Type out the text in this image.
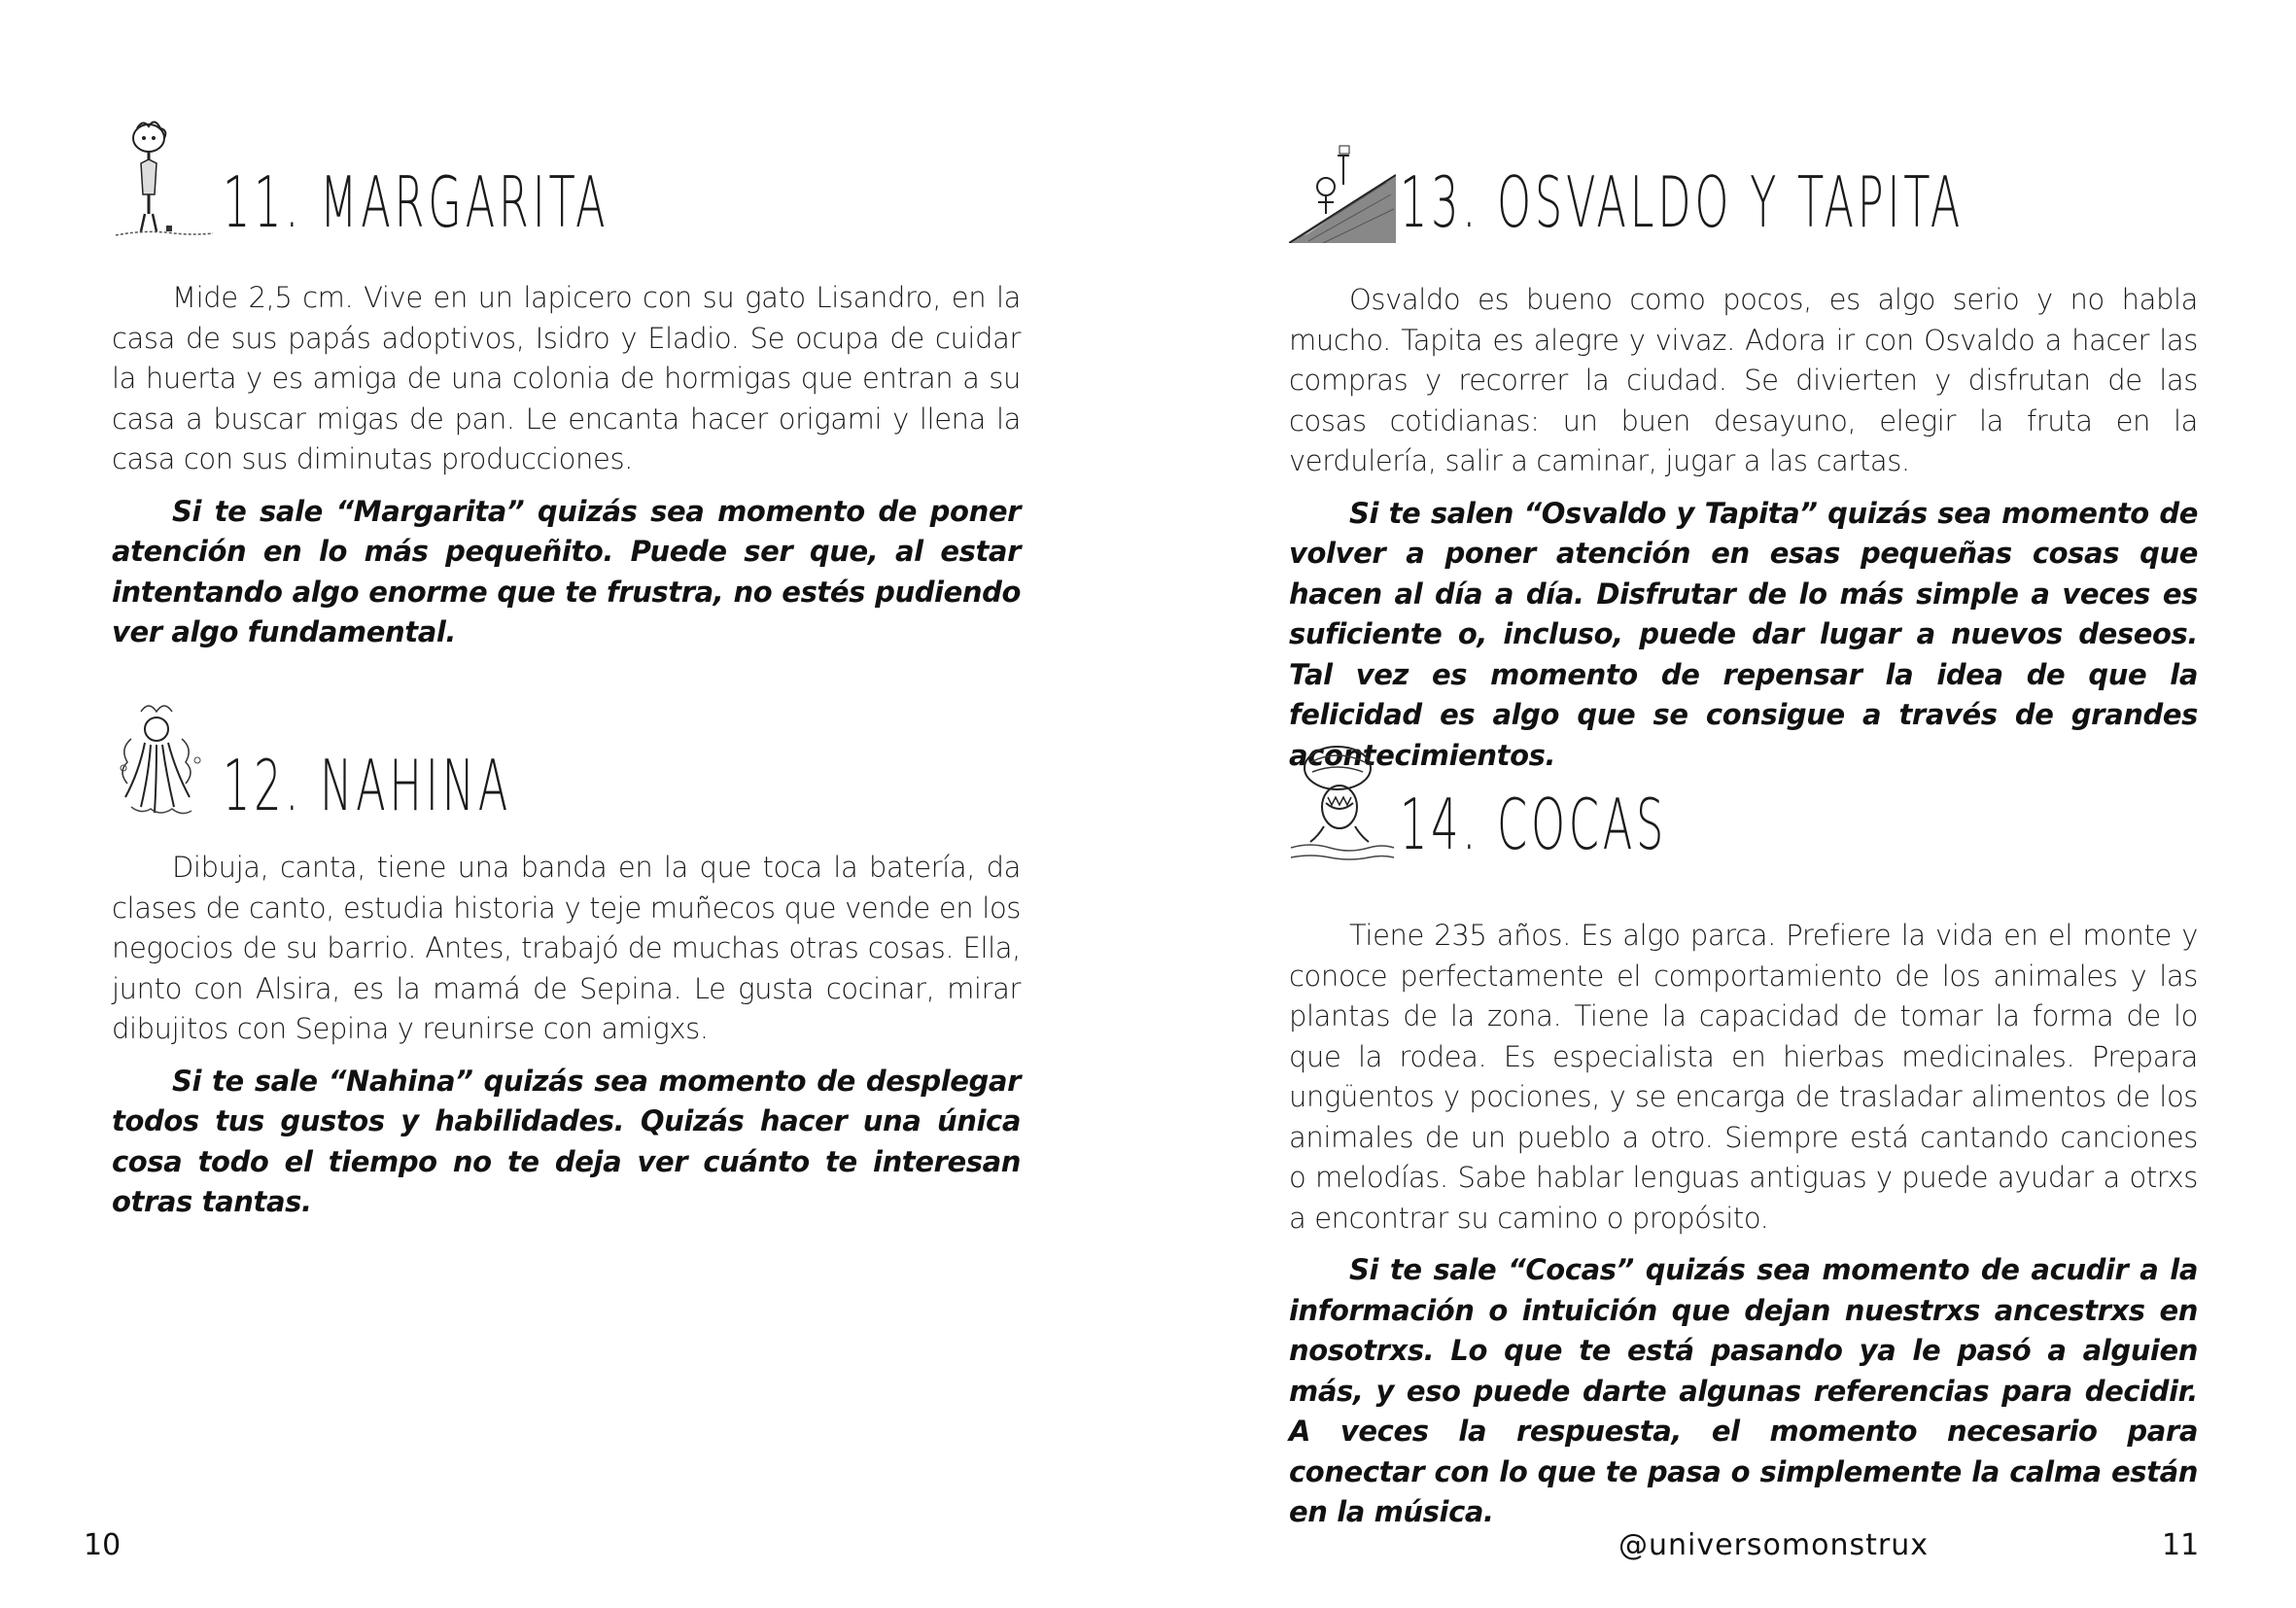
11. MARGARITA

Mide 2,5 cm. Vive en un lapicero con su gato Lisandro, en la casa de sus papás adoptivos, Isidro y Eladio. Se ocupa de cuidar la huerta y es amiga de una colonia de hormigas que entran a su casa a buscar migas de pan. Le encanta hacer origami y llena la casa con sus diminutas producciones.

Si te sale “Margarita” quizás sea momento de poner atención en lo más pequeñito. Puede ser que, al estar intentando algo enorme que te frustra, no estés pudiendo ver algo fundamental.

12. NAHINA

Dibuja, canta, tiene una banda en la que toca la batería, da clases de canto, estudia historia y teje muñecos que vende en los negocios de su barrio. Antes, trabajó de muchas otras cosas. Ella, junto con Alsira, es la mamá de Sepina. Le gusta cocinar, mirar dibujitos con Sepina y reunirse con amigxs.

Si te sale “Nahina” quizás sea momento de desplegar todos tus gustos y habilidades. Quizás hacer una única cosa todo el tiempo no te deja ver cuánto te interesan otras tantas.

10
13. OSVALDO Y TAPITA

Osvaldo es bueno como pocos, es algo serio y no habla mucho. Tapita es alegre y vivaz. Adora ir con Osvaldo a hacer las compras y recorrer la ciudad. Se divierten y disfrutan de las cosas cotidianas: un buen desayuno, elegir la fruta en la verdulería, salir a caminar, jugar a las cartas.

Si te salen “Osvaldo y Tapita” quizás sea momento de volver a poner atención en esas pequeñas cosas que hacen al día a día. Disfrutar de lo más simple a veces es suficiente o, incluso, puede dar lugar a nuevos deseos. Tal vez es momento de repensar la idea de que la felicidad es algo que se consigue a través de grandes acontecimientos.

14. COCAS

Tiene 235 años. Es algo parca. Prefiere la vida en el monte y conoce perfectamente el comportamiento de los animales y las plantas de la zona. Tiene la capacidad de tomar la forma de lo que la rodea. Es especialista en hierbas medicinales. Prepara ungüentos y pociones, y se encarga de trasladar alimentos de los animales de un pueblo a otro. Siempre está cantando canciones o melodías. Sabe hablar lenguas antiguas y puede ayudar a otrxs a encontrar su camino o propósito.

Si te sale “Cocas” quizás sea momento de acudir a la información o intuición que dejan nuestrxs ancestrxs en nosotrxs. Lo que te está pasando ya le pasó a alguien más, y eso puede darte algunas referencias para decidir. A veces la respuesta, el momento necesario para conectar con lo que te pasa o simplemente la calma están en la música.

@universomonstrux	11
